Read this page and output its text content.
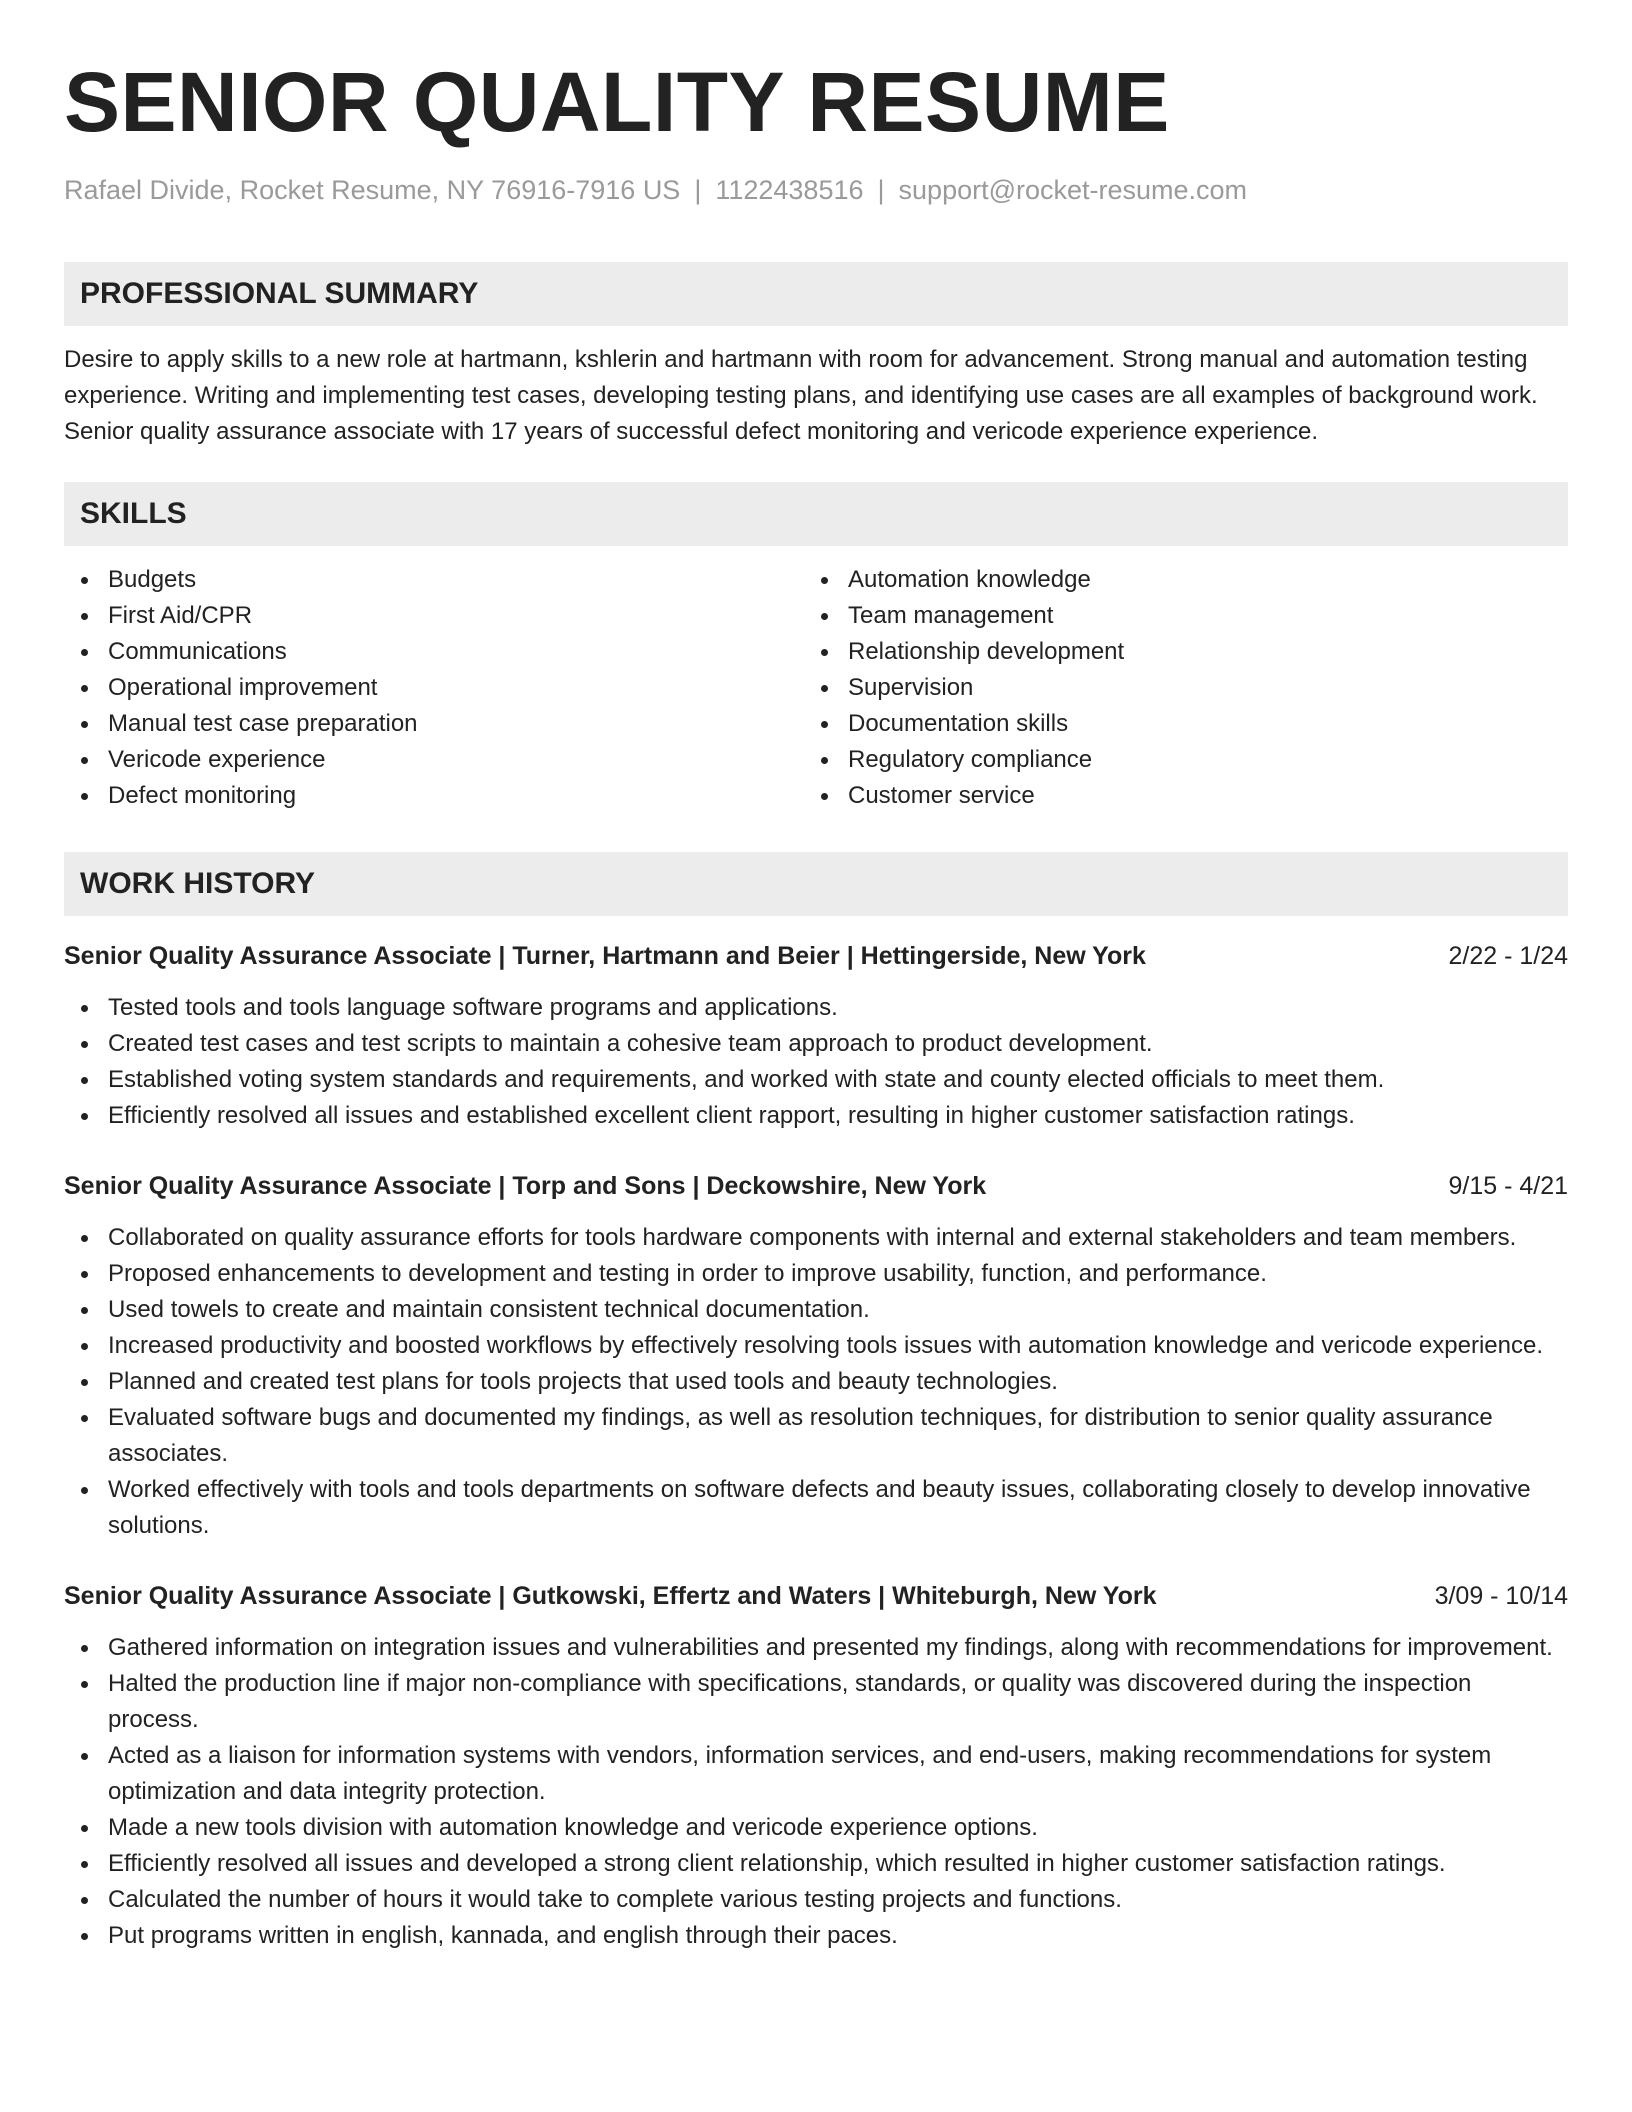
SENIOR QUALITY RESUME
Rafael Divide, Rocket Resume, NY 76916-7916 US | 1122438516 | support@rocket-resume.com
PROFESSIONAL SUMMARY
Desire to apply skills to a new role at hartmann, kshlerin and hartmann with room for advancement. Strong manual and automation testing experience. Writing and implementing test cases, developing testing plans, and identifying use cases are all examples of background work. Senior quality assurance associate with 17 years of successful defect monitoring and vericode experience experience.
SKILLS
Budgets
First Aid/CPR
Communications
Operational improvement
Manual test case preparation
Vericode experience
Defect monitoring
Automation knowledge
Team management
Relationship development
Supervision
Documentation skills
Regulatory compliance
Customer service
WORK HISTORY
Senior Quality Assurance Associate | Turner, Hartmann and Beier | Hettingerside, New York	2/22 - 1/24
Tested tools and tools language software programs and applications.
Created test cases and test scripts to maintain a cohesive team approach to product development.
Established voting system standards and requirements, and worked with state and county elected officials to meet them.
Efficiently resolved all issues and established excellent client rapport, resulting in higher customer satisfaction ratings.
Senior Quality Assurance Associate | Torp and Sons | Deckowshire, New York	9/15 - 4/21
Collaborated on quality assurance efforts for tools hardware components with internal and external stakeholders and team members.
Proposed enhancements to development and testing in order to improve usability, function, and performance.
Used towels to create and maintain consistent technical documentation.
Increased productivity and boosted workflows by effectively resolving tools issues with automation knowledge and vericode experience.
Planned and created test plans for tools projects that used tools and beauty technologies.
Evaluated software bugs and documented my findings, as well as resolution techniques, for distribution to senior quality assurance associates.
Worked effectively with tools and tools departments on software defects and beauty issues, collaborating closely to develop innovative solutions.
Senior Quality Assurance Associate | Gutkowski, Effertz and Waters | Whiteburgh, New York	3/09 - 10/14
Gathered information on integration issues and vulnerabilities and presented my findings, along with recommendations for improvement.
Halted the production line if major non-compliance with specifications, standards, or quality was discovered during the inspection process.
Acted as a liaison for information systems with vendors, information services, and end-users, making recommendations for system optimization and data integrity protection.
Made a new tools division with automation knowledge and vericode experience options.
Efficiently resolved all issues and developed a strong client relationship, which resulted in higher customer satisfaction ratings.
Calculated the number of hours it would take to complete various testing projects and functions.
Put programs written in english, kannada, and english through their paces.
